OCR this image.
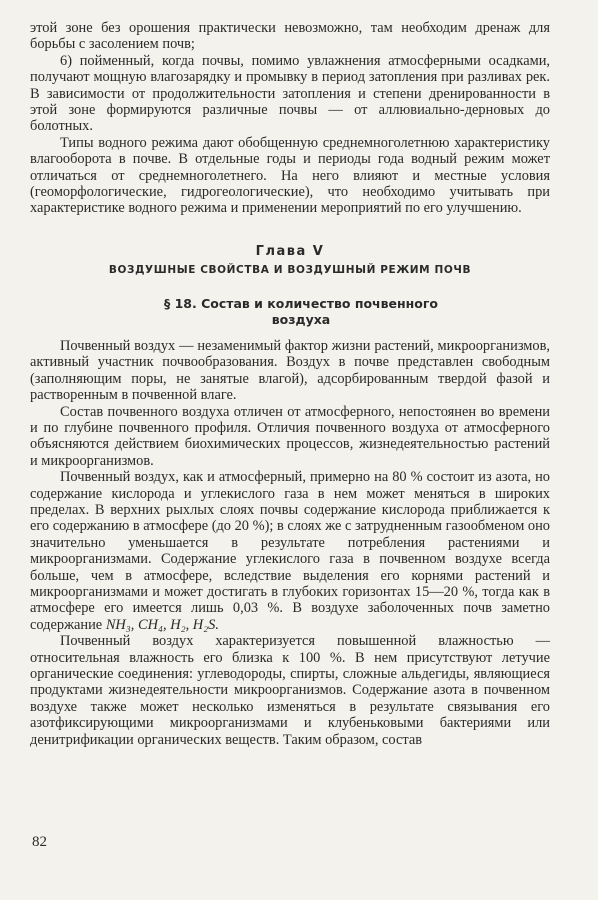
этой зоне без орошения практически невозможно, там необходим дренаж для борьбы с засолением почв;

6) пойменный, когда почвы, помимо увлажнения атмосферными осадками, получают мощную влагозарядку и промывку в период затопления при разливах рек. В зависимости от продолжительности затопления и степени дренированности в этой зоне формируются различные почвы — от аллювиально-дерновых до болотных.

Типы водного режима дают обобщенную среднемноголетнюю характеристику влагооборота в почве. В отдельные годы и периоды года водный режим может отличаться от среднемноголетнего. На него влияют и местные условия (геоморфологические, гидрогеологические), что необходимо учитывать при характеристике водного режима и применении мероприятий по его улучшению.

Глава V
ВОЗДУШНЫЕ СВОЙСТВА И ВОЗДУШНЫЙ РЕЖИМ ПОЧВ
§ 18. Состав и количество почвенного
воздуха

Почвенный воздух — незаменимый фактор жизни растений, микроорганизмов, активный участник почвообразования. Воздух в почве представлен свободным (заполняющим поры, не занятые влагой), адсорбированным твердой фазой и растворенным в почвенной влаге.

Состав почвенного воздуха отличен от атмосферного, непостоянен во времени и по глубине почвенного профиля. Отличия почвенного воздуха от атмосферного объясняются действием биохимических процессов, жизнедеятельностью растений и микроорганизмов.

Почвенный воздух, как и атмосферный, примерно на 80 % состоит из азота, но содержание кислорода и углекислого газа в нем может меняться в широких пределах. В верхних рыхлых слоях почвы содержание кислорода приближается к его содержанию в атмосфере (до 20 %); в слоях же с затрудненным газообменом оно значительно уменьшается в результате потребления растениями и микроорганизмами. Содержание углекислого газа в почвенном воздухе всегда больше, чем в атмосфере, вследствие выделения его корнями растений и микроорганизмами и может достигать в глубоких горизонтах 15—20 %, тогда как в атмосфере его имеется лишь 0,03 %. В воздухе заболоченных почв заметно содержание NH₃, CH₄, H₂, H₂S.

Почвенный воздух характеризуется повышенной влажностью — относительная влажность его близка к 100 %. В нем присутствуют летучие органические соединения: углеводороды, спирты, сложные альдегиды, являющиеся продуктами жизнедеятельности микроорганизмов. Содержание азота в почвенном воздухе также может несколько изменяться в результате связывания его азотфиксирующими микроорганизмами и клубеньковыми бактериями или денитрификации органических веществ. Таким образом, состав

82
